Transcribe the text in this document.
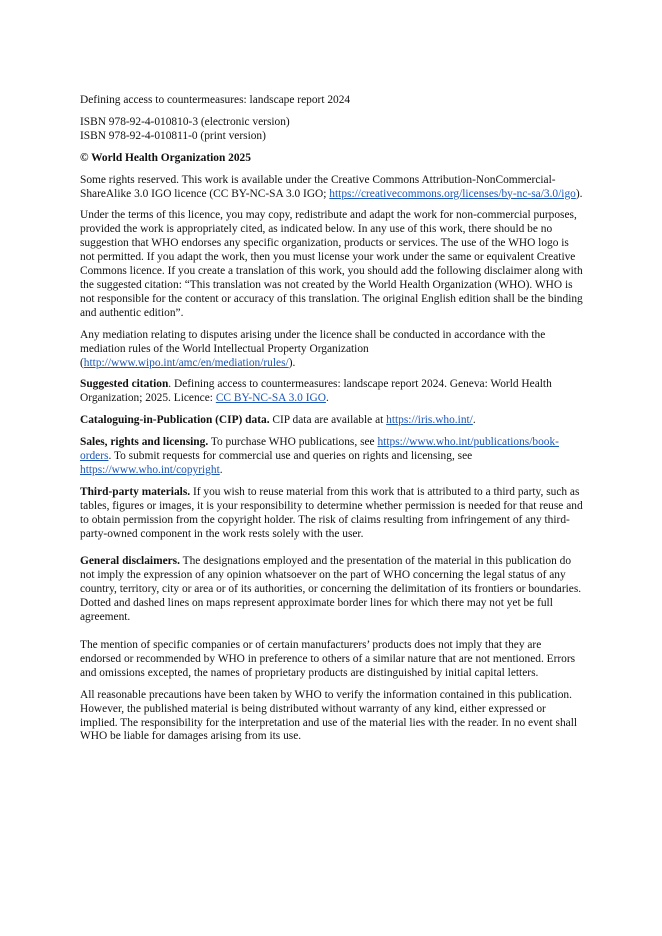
Defining access to countermeasures: landscape report 2024

ISBN 978-92-4-010810-3 (electronic version)
ISBN 978-92-4-010811-0 (print version)

© World Health Organization 2025

Some rights reserved. This work is available under the Creative Commons Attribution-NonCommercial-ShareAlike 3.0 IGO licence (CC BY-NC-SA 3.0 IGO; https://creativecommons.org/licenses/by-nc-sa/3.0/igo).

Under the terms of this licence, you may copy, redistribute and adapt the work for non-commercial purposes, provided the work is appropriately cited, as indicated below. In any use of this work, there should be no suggestion that WHO endorses any specific organization, products or services. The use of the WHO logo is not permitted. If you adapt the work, then you must license your work under the same or equivalent Creative Commons licence. If you create a translation of this work, you should add the following disclaimer along with the suggested citation: “This translation was not created by the World Health Organization (WHO). WHO is not responsible for the content or accuracy of this translation. The original English edition shall be the binding and authentic edition”.

Any mediation relating to disputes arising under the licence shall be conducted in accordance with the mediation rules of the World Intellectual Property Organization (http://www.wipo.int/amc/en/mediation/rules/).

Suggested citation. Defining access to countermeasures: landscape report 2024. Geneva: World Health Organization; 2025. Licence: CC BY-NC-SA 3.0 IGO.

Cataloguing-in-Publication (CIP) data. CIP data are available at https://iris.who.int/.

Sales, rights and licensing. To purchase WHO publications, see https://www.who.int/publications/book-orders. To submit requests for commercial use and queries on rights and licensing, see https://www.who.int/copyright.

Third-party materials. If you wish to reuse material from this work that is attributed to a third party, such as tables, figures or images, it is your responsibility to determine whether permission is needed for that reuse and to obtain permission from the copyright holder. The risk of claims resulting from infringement of any third-party-owned component in the work rests solely with the user.

General disclaimers. The designations employed and the presentation of the material in this publication do not imply the expression of any opinion whatsoever on the part of WHO concerning the legal status of any country, territory, city or area or of its authorities, or concerning the delimitation of its frontiers or boundaries. Dotted and dashed lines on maps represent approximate border lines for which there may not yet be full agreement.

The mention of specific companies or of certain manufacturers’ products does not imply that they are endorsed or recommended by WHO in preference to others of a similar nature that are not mentioned. Errors and omissions excepted, the names of proprietary products are distinguished by initial capital letters.

All reasonable precautions have been taken by WHO to verify the information contained in this publication. However, the published material is being distributed without warranty of any kind, either expressed or implied. The responsibility for the interpretation and use of the material lies with the reader. In no event shall WHO be liable for damages arising from its use.
